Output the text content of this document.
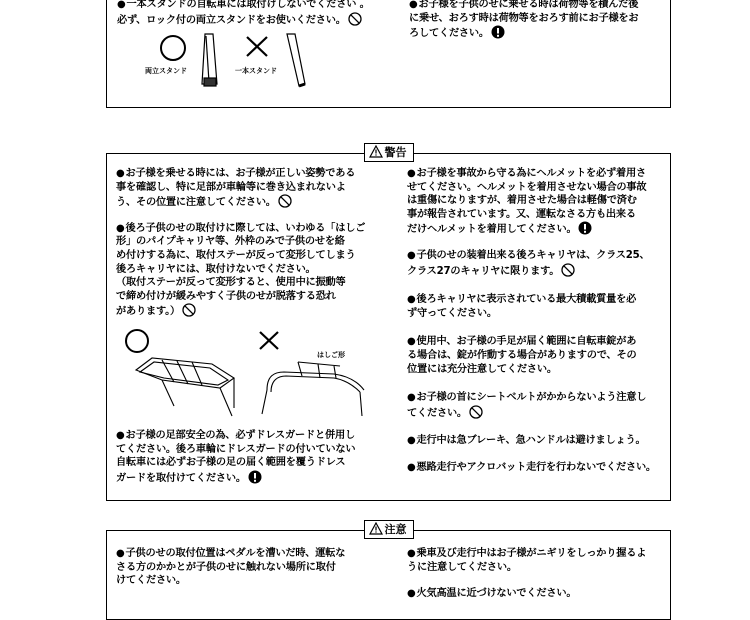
●一本スタンドの自転車には取付けしないでください 。
必ず、ロック付の両立スタンドをお使いください。
両立スタンド	一本スタンド
●お子様を子供のせに乗せる時は荷物等を積んだ後
に乗せ、おろす時は荷物等をおろす前にお子様をお
ろしてください。
警告
●お子様を乗せる時には、お子様が正しい姿勢である
事を確認し、特に足部が車輪等に巻き込まれないよ
う、その位置に注意してください。
●後ろ子供のせの取付けに際しては、いわゆる「はしご
形」のパイプキャリヤ等、外枠のみで子供のせを絡
め付けする為に、取付ステーが反って変形してしまう
後ろキャリヤには、取付けないでください。
（取付ステーが反って変形すると、使用中に振動等
で締め付けが緩みやすく子供のせが脱落する恐れ
があります。）
はしご形
●お子様の足部安全の為、必ずドレスガードと併用し
てください。後ろ車輪にドレスガードの付いていない
自転車には必ずお子様の足の届く範囲を覆うドレス
ガードを取付けてください。
●お子様を事故から守る為にヘルメットを必ず着用さ
せてください。ヘルメットを着用させない場合の事故
は重傷になりますが、着用させた場合は軽傷で済む
事が報告されています。又、運転なさる方も出来る
だけヘルメットを着用してください。
●子供のせの装着出来る後ろキャリヤは、クラス25、
クラス27のキャリヤに限ります。
●後ろキャリヤに表示されている最大積載質量を必
ず守ってください。
●使用中、お子様の手足が届く範囲に自転車錠があ
る場合は、錠が作動する場合がありますので、その
位置には充分注意してください。
●お子様の首にシートベルトがかからないよう注意し
てください。
●走行中は急ブレーキ、急ハンドルは避けましょう。
●悪路走行やアクロバット走行を行わないでください。
注意
●子供のせの取付位置はペダルを漕いだ時、運転な
さる方のかかとが子供のせに触れない場所に取付
けてください。
●乗車及び走行中はお子様がニギリをしっかり握るよ
うに注意してください。
●火気高温に近づけないでください。
